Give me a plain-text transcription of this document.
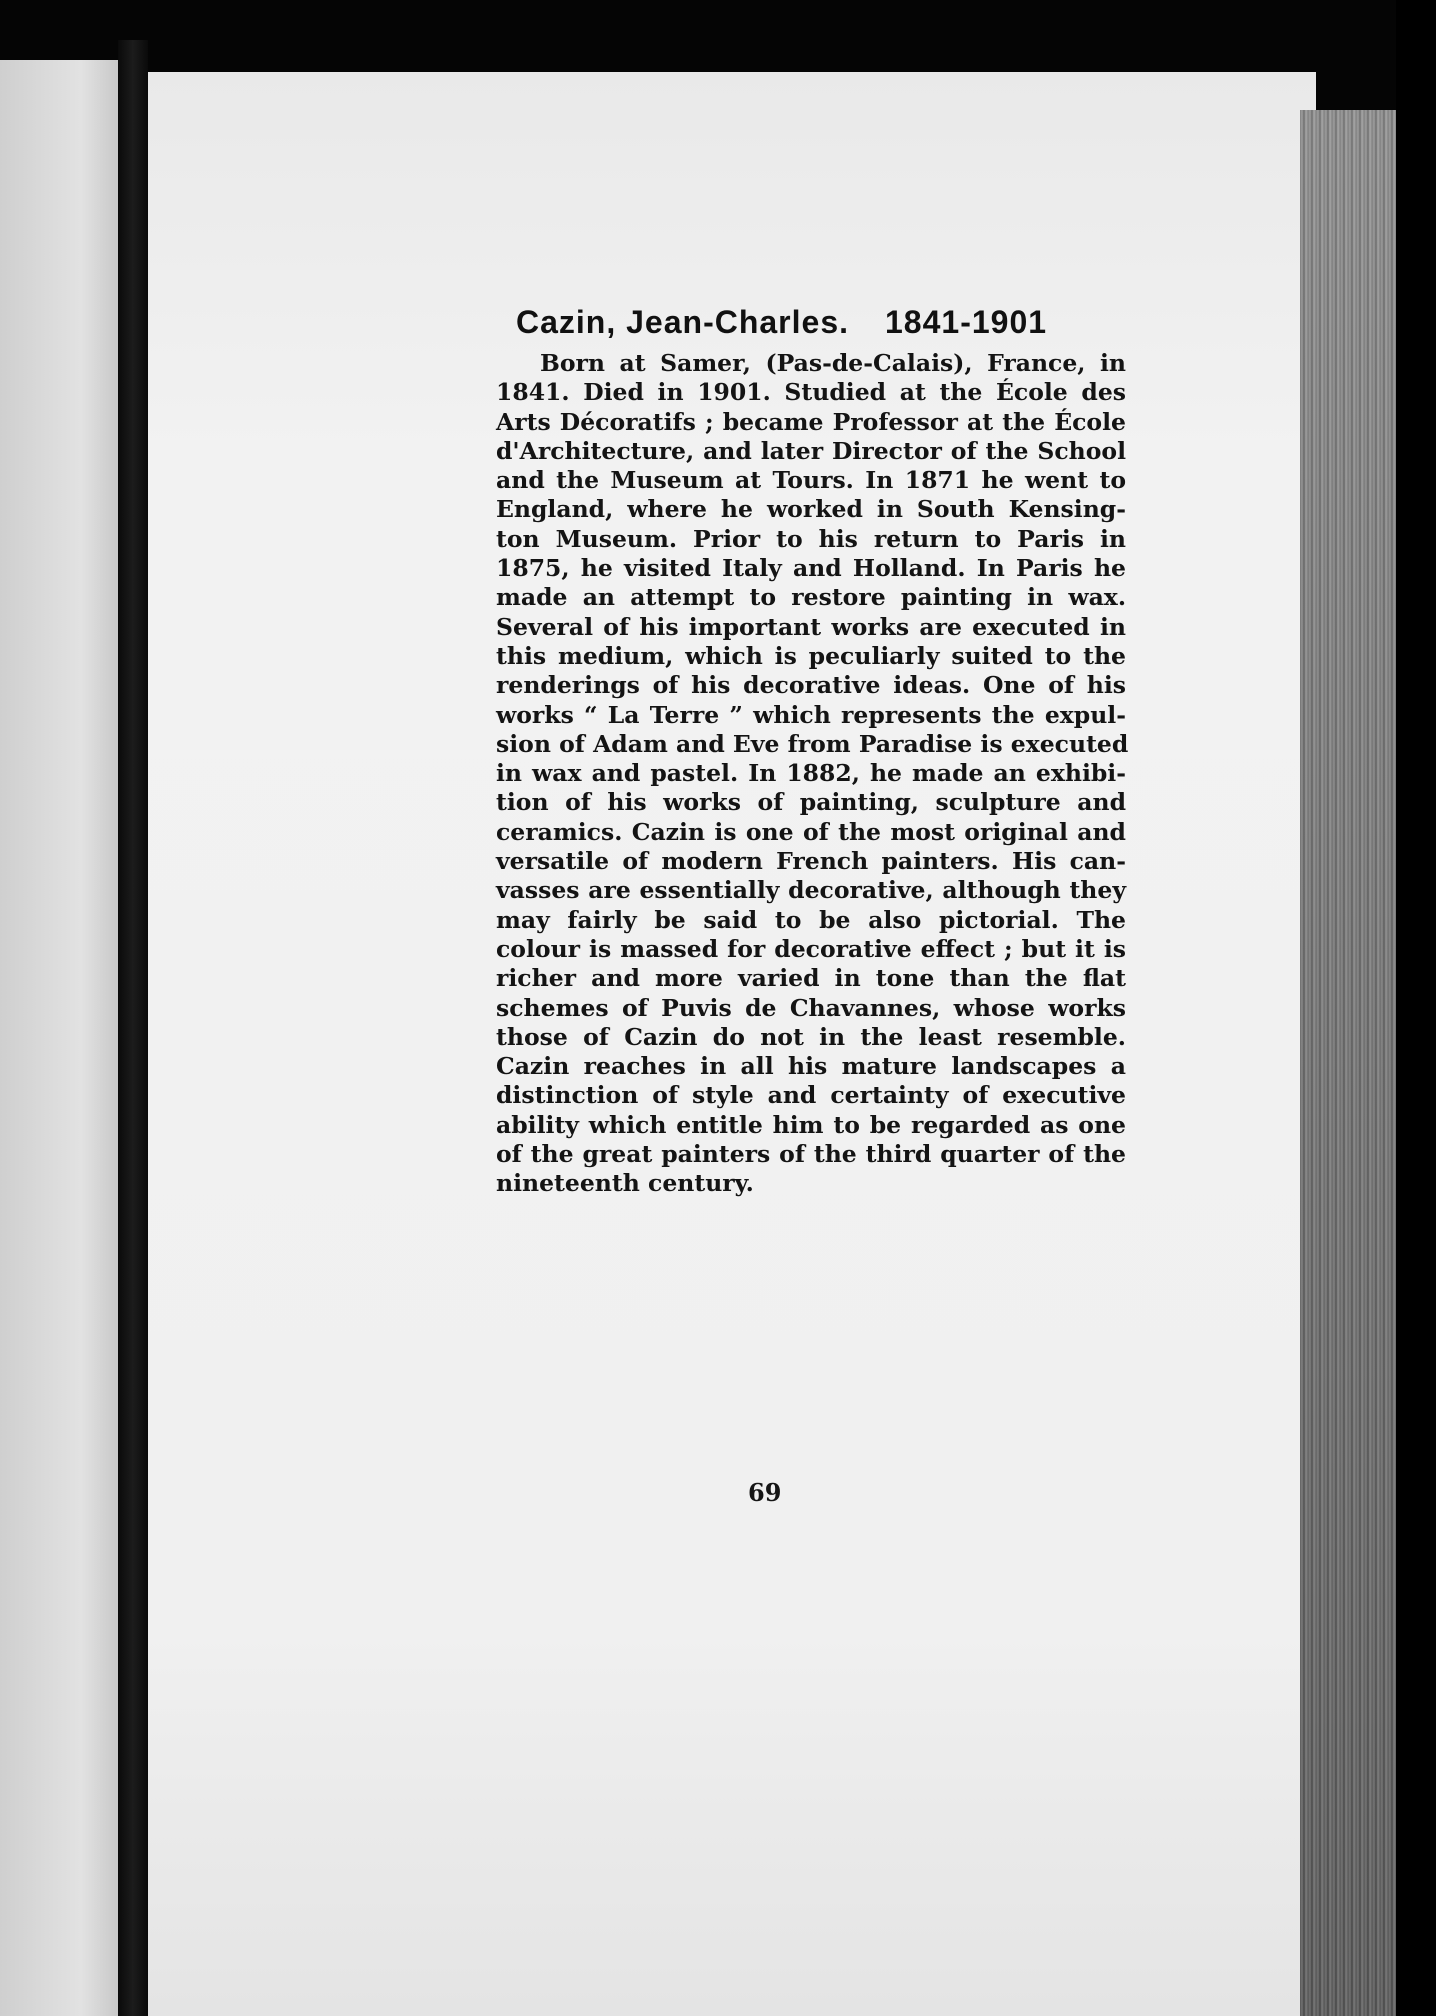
Cazin, Jean-Charles. 1841-1901

Born at Samer, (Pas-de-Calais), France, in
1841. Died in 1901. Studied at the École des
Arts Décoratifs ; became Professor at the École
d'Architecture, and later Director of the School
and the Museum at Tours. In 1871 he went to
England, where he worked in South Kensing-
ton Museum. Prior to his return to Paris in
1875, he visited Italy and Holland. In Paris he
made an attempt to restore painting in wax.
Several of his important works are executed in
this medium, which is peculiarly suited to the
renderings of his decorative ideas. One of his
works “ La Terre ” which represents the expul-
sion of Adam and Eve from Paradise is executed
in wax and pastel. In 1882, he made an exhibi-
tion of his works of painting, sculpture and
ceramics. Cazin is one of the most original and
versatile of modern French painters. His can-
vasses are essentially decorative, although they
may fairly be said to be also pictorial. The
colour is massed for decorative effect ; but it is
richer and more varied in tone than the flat
schemes of Puvis de Chavannes, whose works
those of Cazin do not in the least resemble.
Cazin reaches in all his mature landscapes a
distinction of style and certainty of executive
ability which entitle him to be regarded as one
of the great painters of the third quarter of the
nineteenth century.

69
